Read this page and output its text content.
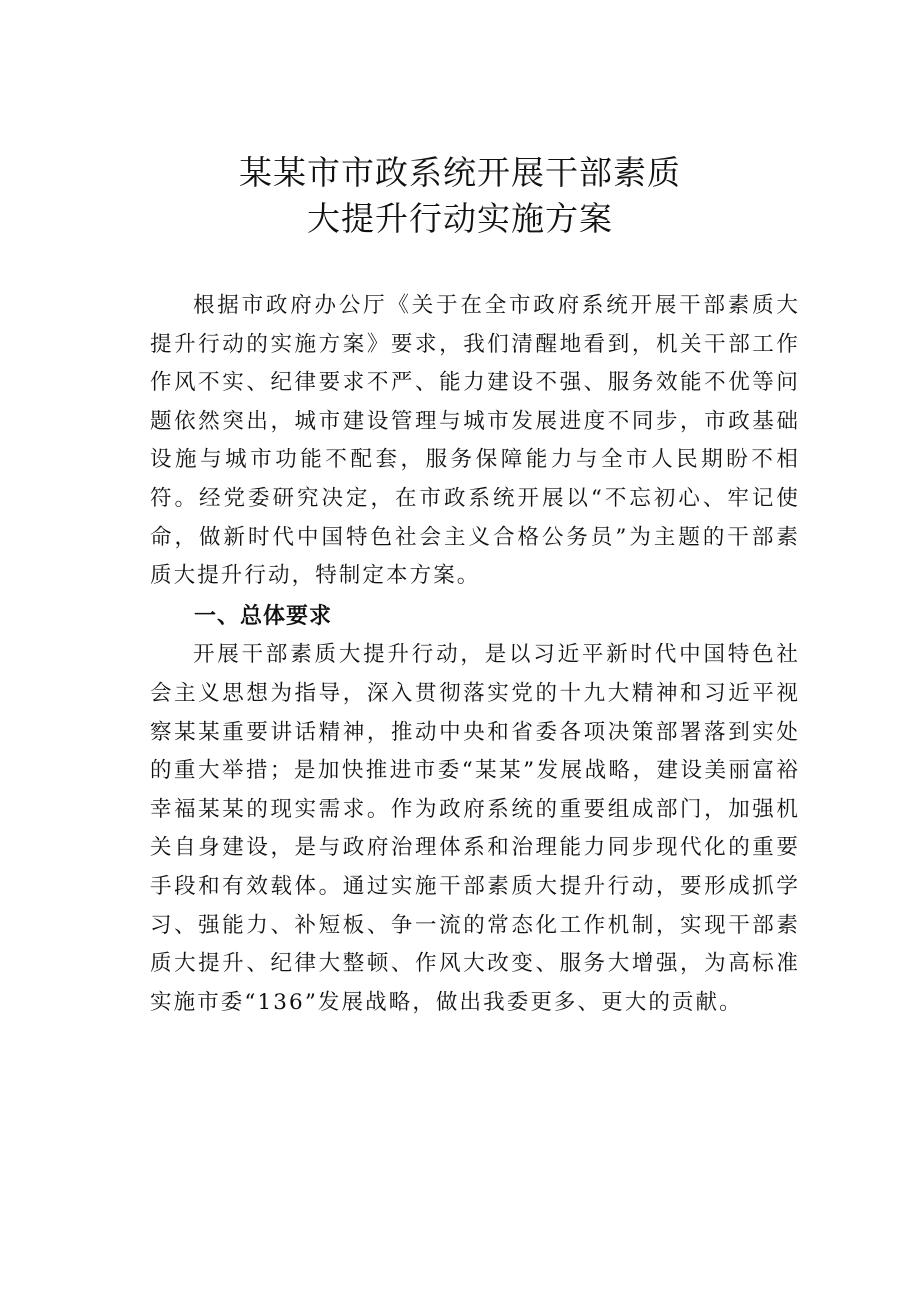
某某市市政系统开展干部素质
大提升行动实施方案

根据市政府办公厅《关于在全市政府系统开展干部素质大提升行动的实施方案》要求，我们清醒地看到，机关干部工作作风不实、纪律要求不严、能力建设不强、服务效能不优等问题依然突出，城市建设管理与城市发展进度不同步，市政基础设施与城市功能不配套，服务保障能力与全市人民期盼不相符。经党委研究决定，在市政系统开展以“不忘初心、牢记使命，做新时代中国特色社会主义合格公务员”为主题的干部素质大提升行动，特制定本方案。

一、总体要求

开展干部素质大提升行动，是以习近平新时代中国特色社会主义思想为指导，深入贯彻落实党的十九大精神和习近平视察某某重要讲话精神，推动中央和省委各项决策部署落到实处的重大举措；是加快推进市委“某某”发展战略，建设美丽富裕幸福某某的现实需求。作为政府系统的重要组成部门，加强机关自身建设，是与政府治理体系和治理能力同步现代化的重要手段和有效载体。通过实施干部素质大提升行动，要形成抓学习、强能力、补短板、争一流的常态化工作机制，实现干部素质大提升、纪律大整顿、作风大改变、服务大增强，为高标准实施市委“136”发展战略，做出我委更多、更大的贡献。
